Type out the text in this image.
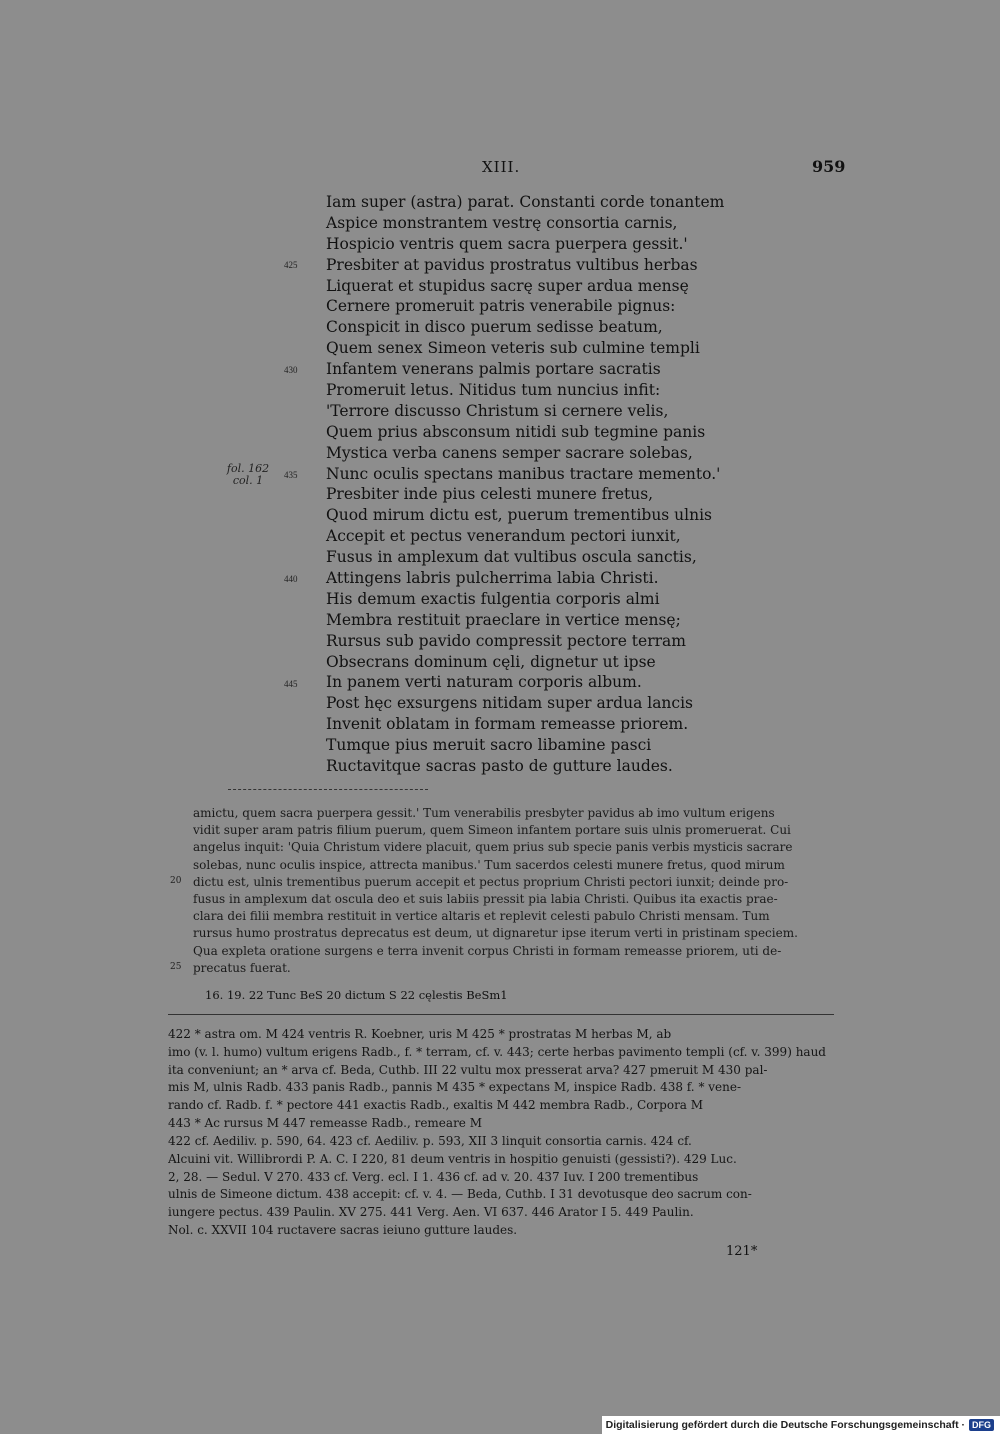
XIII.	959
Iam super (astra) parat. Constanti corde tonantem
Aspice monstrantem vestrę consortia carnis,
Hospicio ventris quem sacra puerpera gessit.'
Presbiter at pavidus prostratus vultibus herbas
Liquerat et stupidus sacrę super ardua mensę
Cernere promeruit patris venerabile pignus:
Conspicit in disco puerum sedisse beatum,
Quem senex Simeon veteris sub culmine templi
Infantem venerans palmis portare sacratis
Promeruit letus. Nitidus tum nuncius infit:
'Terrore discusso Christum si cernere velis,
Quem prius absconsum nitidi sub tegmine panis
Mystica verba canens semper sacrare solebas,
Nunc oculis spectans manibus tractare memento.'
Presbiter inde pius celesti munere fretus,
Quod mirum dictu est, puerum trementibus ulnis
Accepit et pectus venerandum pectori iunxit,
Fusus in amplexum dat vultibus oscula sanctis,
Attingens labris pulcherrima labia Christi.
His demum exactis fulgentia corporis almi
Membra restituit praeclare in vertice mensę;
Rursus sub pavido compressit pectore terram
Obsecrans dominum cęli, dignetur ut ipse
In panem verti naturam corporis album.
Post hęc exsurgens nitidam super ardua lancis
Invenit oblatam in formam remeasse priorem.
Tumque pius meruit sacro libamine pasci
Ructavitque sacras pasto de gutture laudes.
425
430
435
440
445
fol. 162
col. 1
amictu, quem sacra puerpera gessit.' Tum venerabilis presbyter pavidus ab imo vultum erigens
vidit super aram patris filium puerum, quem Simeon infantem portare suis ulnis promeruerat. Cui
angelus inquit: 'Quia Christum videre placuit, quem prius sub specie panis verbis mysticis sacrare
solebas, nunc oculis inspice, attrecta manibus.' Tum sacerdos celesti munere fretus, quod mirum
dictu est, ulnis trementibus puerum accepit et pectus proprium Christi pectori iunxit; deinde pro-
fusus in amplexum dat oscula deo et suis labiis pressit pia labia Christi. Quibus ita exactis prae-
clara dei filii membra restituit in vertice altaris et replevit celesti pabulo Christi mensam. Tum
rursus humo prostratus deprecatus est deum, ut dignaretur ipse iterum verti in pristinam speciem.
Qua expleta oratione surgens e terra invenit corpus Christi in formam remeasse priorem, uti de-
precatus fuerat.
20
25
16. 19. 22 Tunc BeS 20 dictum S 22 cęlestis BeSm1
422 * astra om. M 424 ventris R. Koebner, uris M 425 * prostratas M herbas M, ab
imo (v. l. humo) vultum erigens Radb., f. * terram, cf. v. 443; certe herbas pavimento templi (cf. v. 399) haud
ita conveniunt; an * arva cf. Beda, Cuthb. III 22 vultu mox presserat arva? 427 pmeruit M 430 pal-
mis M, ulnis Radb. 433 panis Radb., pannis M 435 * expectans M, inspice Radb. 438 f. * vene-
rando cf. Radb. f. * pectore 441 exactis Radb., exaltis M 442 membra Radb., Corpora M
443 * Ac rursus M 447 remeasse Radb., remeare M
422 cf. Aediliv. p. 590, 64. 423 cf. Aediliv. p. 593, XII 3 linquit consortia carnis. 424 cf.
Alcuini vit. Willibrordi P. A. C. I 220, 81 deum ventris in hospitio genuisti (gessisti?). 429 Luc.
2, 28. — Sedul. V 270. 433 cf. Verg. ecl. I 1. 436 cf. ad v. 20. 437 Iuv. I 200 trementibus
ulnis de Simeone dictum. 438 accepit: cf. v. 4. — Beda, Cuthb. I 31 devotusque deo sacrum con-
iungere pectus. 439 Paulin. XV 275. 441 Verg. Aen. VI 637. 446 Arator I 5. 449 Paulin.
Nol. c. XXVII 104 ructavere sacras ieiuno gutture laudes.
121*
Digitalisierung gefördert durch die Deutsche Forschungsgemeinschaft · DFG
